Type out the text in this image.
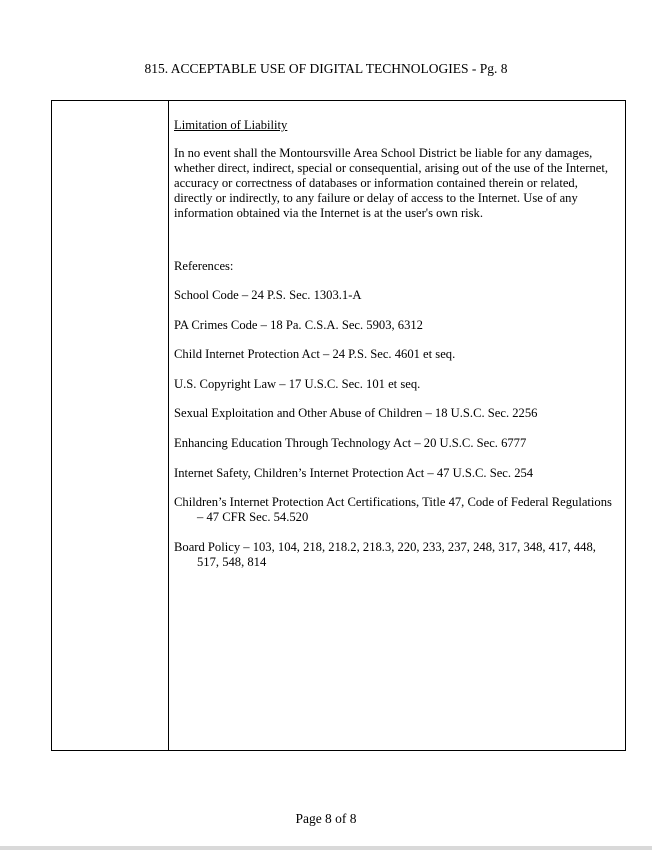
815. ACCEPTABLE USE OF DIGITAL TECHNOLOGIES - Pg. 8
Limitation of Liability

In no event shall the Montoursville Area School District be liable for any damages, whether direct, indirect, special or consequential, arising out of the use of the Internet, accuracy or correctness of databases or information contained therein or related, directly or indirectly, to any failure or delay of access to the Internet. Use of any information obtained via the Internet is at the user's own risk.

References:

School Code – 24 P.S. Sec. 1303.1-A

PA Crimes Code – 18 Pa. C.S.A. Sec. 5903, 6312

Child Internet Protection Act – 24 P.S. Sec. 4601 et seq.

U.S. Copyright Law – 17 U.S.C. Sec. 101 et seq.

Sexual Exploitation and Other Abuse of Children – 18 U.S.C. Sec. 2256

Enhancing Education Through Technology Act – 20 U.S.C. Sec. 6777

Internet Safety, Children’s Internet Protection Act – 47 U.S.C. Sec. 254

Children’s Internet Protection Act Certifications, Title 47, Code of Federal Regulations – 47 CFR Sec. 54.520

Board Policy – 103, 104, 218, 218.2, 218.3, 220, 233, 237, 248, 317, 348, 417, 448, 517, 548, 814

Page 8 of 8
